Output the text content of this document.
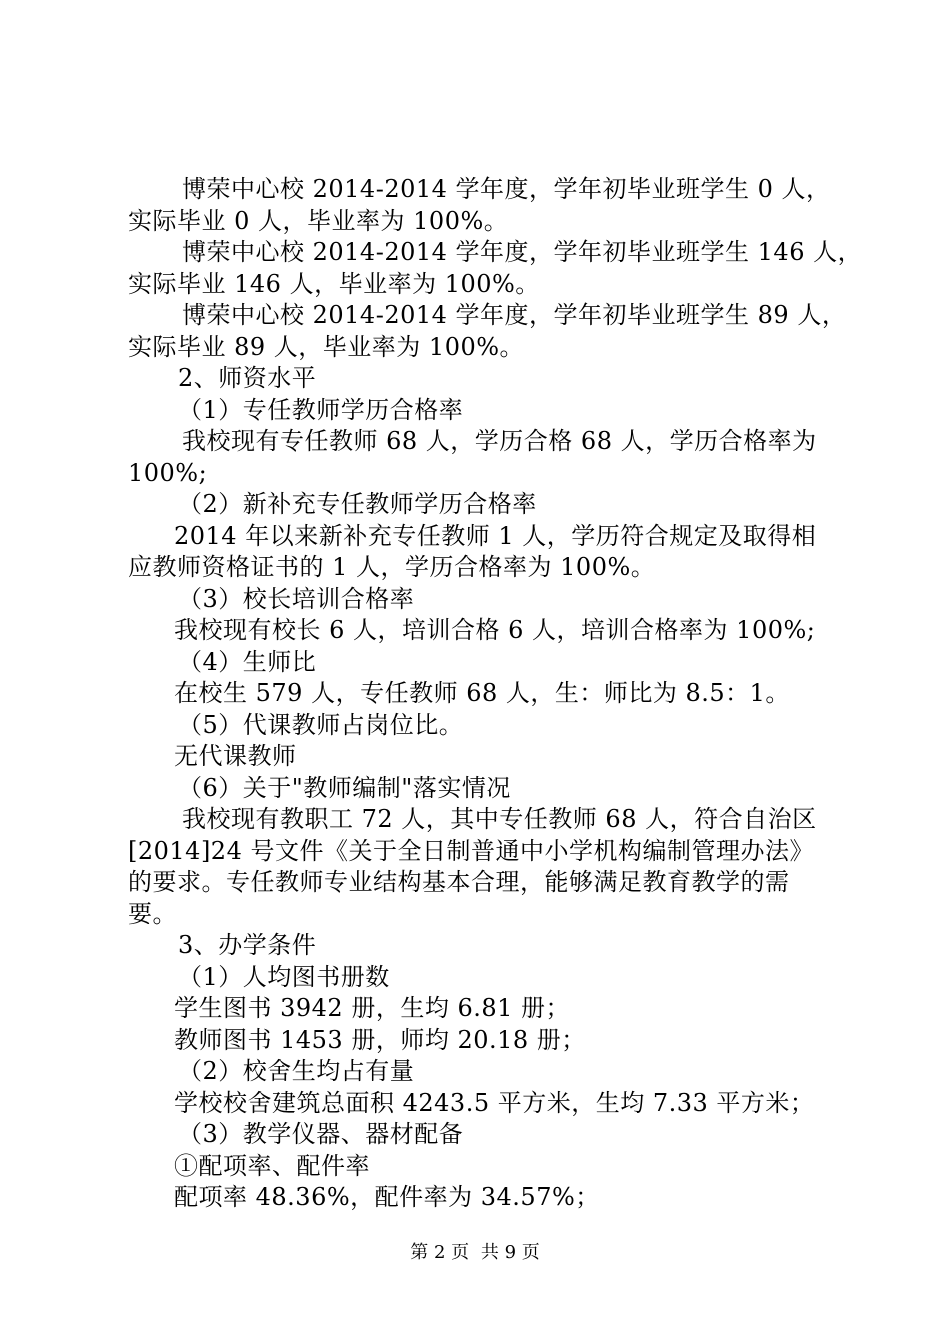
博荣中心校 2014-2014 学年度，学年初毕业班学生 0 人，
实际毕业 0 人，毕业率为 100%。
博荣中心校 2014-2014 学年度，学年初毕业班学生 146 人，
实际毕业 146 人，毕业率为 100%。
博荣中心校 2014-2014 学年度，学年初毕业班学生 89 人，
实际毕业 89 人，毕业率为 100%。
2、师资水平
（1）专任教师学历合格率
我校现有专任教师 68 人，学历合格 68 人，学历合格率为
100%;
（2）新补充专任教师学历合格率
2014 年以来新补充专任教师 1 人，学历符合规定及取得相
应教师资格证书的 1 人，学历合格率为 100%。
（3）校长培训合格率
我校现有校长 6 人，培训合格 6 人，培训合格率为 100%;
（4）生师比
在校生 579 人，专任教师 68 人，生：师比为 8.5：1。
（5）代课教师占岗位比。
无代课教师
（6）关于"教师编制"落实情况
我校现有教职工 72 人，其中专任教师 68 人，符合自治区
[2014]24 号文件《关于全日制普通中小学机构编制管理办法》
的要求。专任教师专业结构基本合理，能够满足教育教学的需
要。
3、办学条件
（1）人均图书册数
学生图书 3942 册，生均 6.81 册；
教师图书 1453 册，师均 20.18 册；
（2）校舍生均占有量
学校校舍建筑总面积 4243.5 平方米，生均 7.33 平方米；
（3）教学仪器、器材配备
①配项率、配件率
配项率 48.36%，配件率为 34.57%；
第 2 页 共 9 页
